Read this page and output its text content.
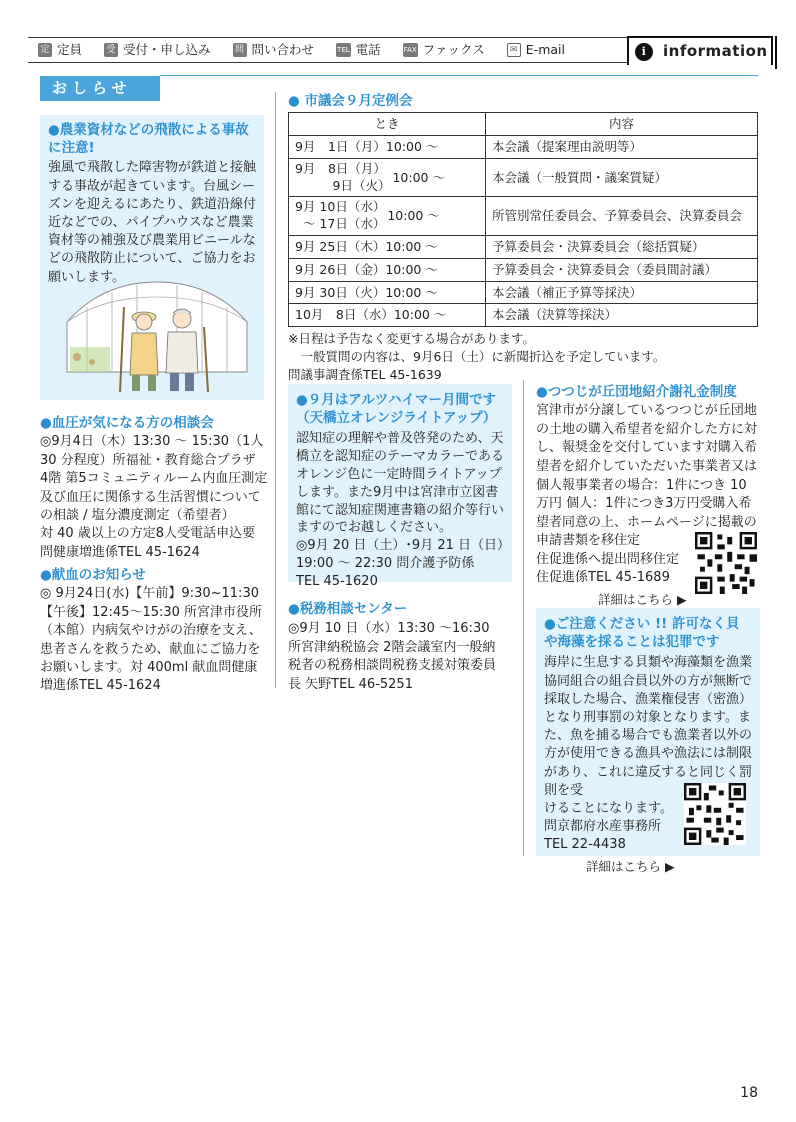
定 定員	受 受付・申し込み	問 問い合わせ	TEL 電話	FAX ファックス	✉ E-mail	i	information
おしらせ
●農業資材などの飛散による事故に注意!
強風で飛散した障害物が鉄道と接触する事故が起きています。台風シーズンを迎えるにあたり、鉄道沿線付近などでの、パイプハウスなど農業資材等の補強及び農業用ビニールなどの飛散防止について、ご協力をお願いします。
●血圧が気になる方の相談会
◎9月4日（木）13:30 ～ 15:30（1人
30 分程度）所福祉・教育総合プラザ
4階 第5コミュニティルーム内血圧測定
及び血圧に関係する生活習慣についての相談 / 塩分濃度測定（希望者）
対 40 歳以上の方定8人受電話申込要
問健康増進係TEL 45-1624
●献血のお知らせ
◎ 9月24日(水)【午前】9:30~11:30
【午後】12:45～15:30 所宮津市役所
（本館）内病気やけがの治療を支え、
患者さんを救うため、献血にご協力を
お願いします。対 400ml 献血問健康
増進係TEL 45-1624
● 市議会９月定例会
とき	内容
9月　1日（月）10:00 ～	本会議（提案理由説明等）

9月　8日（月）
　　　9日（火）
10:00 ～	本会議（一般質問・議案質疑）

9月 10日（水）
～ 17日（水）
10:00 ～	所管別常任委員会、予算委員会、決算委員会
9月 25日（木）10:00 ～	予算委員会・決算委員会（総括質疑）
9月 26日（金）10:00 ～	予算委員会・決算委員会（委員間討議）
9月 30日（火）10:00 ～	本会議（補正予算等採決）
10月　8日（水）10:00 ～	本会議（決算等採決）
※日程は予告なく変更する場合があります。
　一般質問の内容は、9月6日（土）に新聞折込を予定しています。
問議事調査係TEL 45-1639
●９月はアルツハイマー月間です（天橋立オレンジライトアップ）
認知症の理解や普及啓発のため、天橋立を認知症のテーマカラーであるオレンジ色に一定時間ライトアップします。また9月中は宮津市立図書館にて認知症関連書籍の紹介等行いますのでお越しください。
◎9月 20 日（土）･9月 21 日（日）
19:00 ～ 22:30 問介護予防係
TEL 45-1620
●税務相談センター
◎9月 10 日（水）13:30 ～16:30
所宮津納税協会 2階会議室内一般納
税者の税務相談問税務支援対策委員
長 矢野TEL 46-5251
●つつじが丘団地紹介謝礼金制度
宮津市が分譲しているつつじが丘団地の土地の購入希望者を紹介した方に対し、報奨金を交付しています対購入希望者を紹介していただいた事業者又は個人報事業者の場合：1件につき 10 万円 個人：1件につき3万円受購入希望者同意の上、ホームページに掲載の申請書類を移住定
住促進係へ提出問移住定
住促進係TEL 45-1689
詳細はこちら ▶
●ご注意ください !! 許可なく貝や海藻を採ることは犯罪です
海岸に生息する貝類や海藻類を漁業協同組合の組合員以外の方が無断で採取した場合、漁業権侵害（密漁）となり刑事罰の対象となります。また、魚を捕る場合でも漁業者以外の方が使用できる漁具や漁法には制限があり、これに違反すると同じく罰則を受
けることになります。
問京都府水産事務所
TEL 22-4438
詳細はこちら ▶
18
